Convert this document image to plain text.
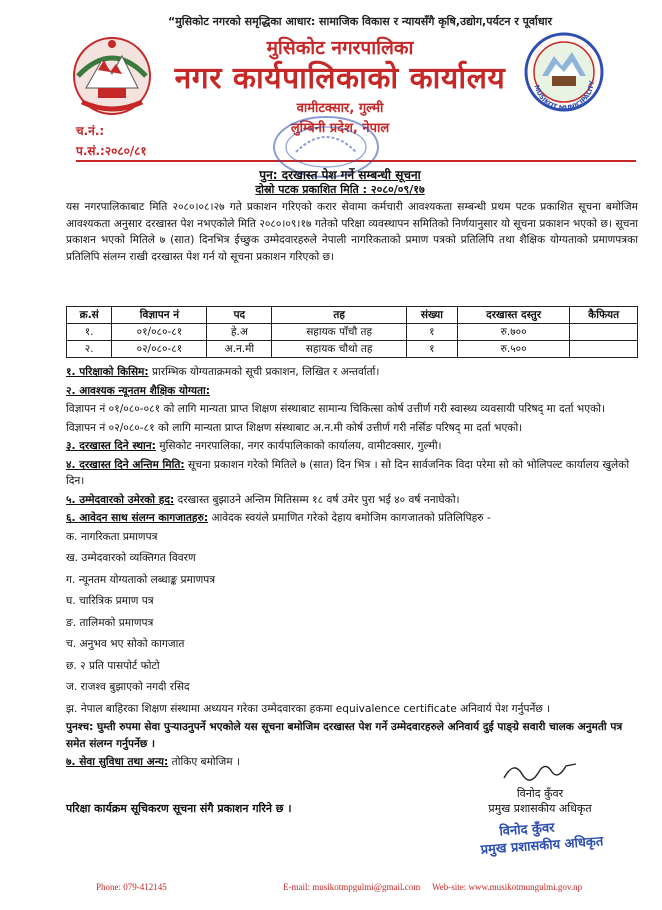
“मुसिकोट नगरको समृद्धिका आधार: सामाजिक विकास र न्यायसँगै कृषि,उद्योग,पर्यटन र पूर्वाधार
मुसिकोट नगरपालिका
नगर कार्यपालिकाको कार्यालय
वामीटक्सार, गुल्मी
लुम्बिनी प्रदेश, नेपाल
MUSIKOT MUNICIPALITY
च.नं.:
प.सं.:२०८०/८१
पुन: दरखास्त पेश गर्ने सम्बन्धी सूचना
दोस्रो पटक प्रकाशित मिति : २०८०/०९/१७
यस नगरपालिकाबाट मिति २०८०।०८।२७ गते प्रकाशन गरिएको करार सेवामा कर्मचारी आवश्यकता सम्बन्धी प्रथम पटक प्रकाशित सूचना बमोजिम आवश्यकता अनुसार दरखास्त पेश नभएकोले मिति २०८०।०९।१७ गतेको परिक्षा व्यवस्थापन समितिको निर्णयानुसार यो सूचना प्रकाशन भएको छ। सूचना प्रकाशन भएको मितिले ७ (सात) दिनभित्र ईच्छुक उम्मेदवारहरुले नेपाली नागरिकताको प्रमाण पत्रको प्रतिलिपि तथा शैक्षिक योग्यताको प्रमाणपत्रका प्रतिलिपि संलग्न राखी दरखास्त पेश गर्न यो सूचना प्रकाशन गरिएको छ।
क्र.सं	विज्ञापन नं	पद	तह	संख्या	दरखास्त दस्तुर	कैफियत
१.	०१/०८०-८१	हे.अ	सहायक पाँचौ तह	१	रु.७००	
२.	०२/०८०-८१	अ.न.मी	सहायक चौथो तह	१	रु.५००	

१. परिक्षाको किसिम: प्रारम्भिक योग्यताक्रमको सूची प्रकाशन, लिखित र अन्तर्वार्ता।

२. आवश्यक न्यूनतम शैक्षिक योग्यता:

विज्ञापन नं ०१/०८०-०८१ को लागि मान्यता प्राप्त शिक्षण संस्थाबाट सामान्य चिकित्सा कोर्ष उत्तीर्ण गरी स्वास्थ्य व्यवसायी परिषद् मा दर्ता भएको।

विज्ञापन नं ०२/०८०-८१ को लागि मान्यता प्राप्त शिक्षण संस्थाबाट अ.न.मी कोर्ष उत्तीर्ण गरी नर्सिङ परिषद् मा दर्ता भएको।

३. दरखास्त दिने स्थान: मुसिकोट नगरपालिका, नगर कार्यपालिकाको कार्यालय, वामीटक्सार, गुल्मी।

४. दरखास्त दिने अन्तिम मिति: सूचना प्रकाशन गरेको मितिले ७ (सात) दिन भित्र । सो दिन सार्वजनिक विदा परेमा सो को भोलिपल्ट कार्यालय खुलेको दिन।

५. उम्मेदवारको उमेरको हद: दरखास्त बुझाउने अन्तिम मितिसम्म १८ वर्ष उमेर पुरा भई ४० वर्ष ननाघेको।

६. आवेदन साथ संलग्न कागजातहरु: आवेदक स्वयंले प्रमाणित गरेको देहाय बमोजिम कागजातको प्रतिलिपिहरु -

क. नागरिकता प्रमाणपत्र

ख. उम्मेदवारको व्यक्तिगत विवरण

ग. न्यूनतम योग्यताको लब्धाङ्क प्रमाणपत्र

घ. चारित्रिक प्रमाण पत्र

ङ. तालिमको प्रमाणपत्र

च. अनुभव भए सोको कागजात

छ. २ प्रति पासपोर्ट फोटो

ज. राजश्व बुझाएको नगदी रसिद

झ. नेपाल बाहिरका शिक्षण संस्थामा अध्ययन गरेका उम्मेदवारका हकमा equivalence certificate अनिवार्य पेश गर्नुपर्नेछ ।

पुनश्च: घुम्ती रुपमा सेवा पुर्‍याउनुपर्ने भएकोले यस सूचना बमोजिम दरखास्त पेश गर्ने उम्मेदवारहरुले अनिवार्य दुई पाङ्ग्रे सवारी चालक अनुमती पत्र समेत संलग्न गर्नुपर्नेछ ।

७. सेवा सुविधा तथा अन्य: तोकिए बमोजिम ।

विनोद कुँवर
प्रमुख प्रशासकीय अधिकृत
परिक्षा कार्यक्रम सूचिकरण सूचना संगै प्रकाशन गरिने छ ।
विनोद कुँवर
प्रमुख प्रशासकीय अधिकृत
Phone: 079-412145	E-mail: musikotmpgulmi@gmail.com Web-site: www.musikotmungulmi.gov.np
